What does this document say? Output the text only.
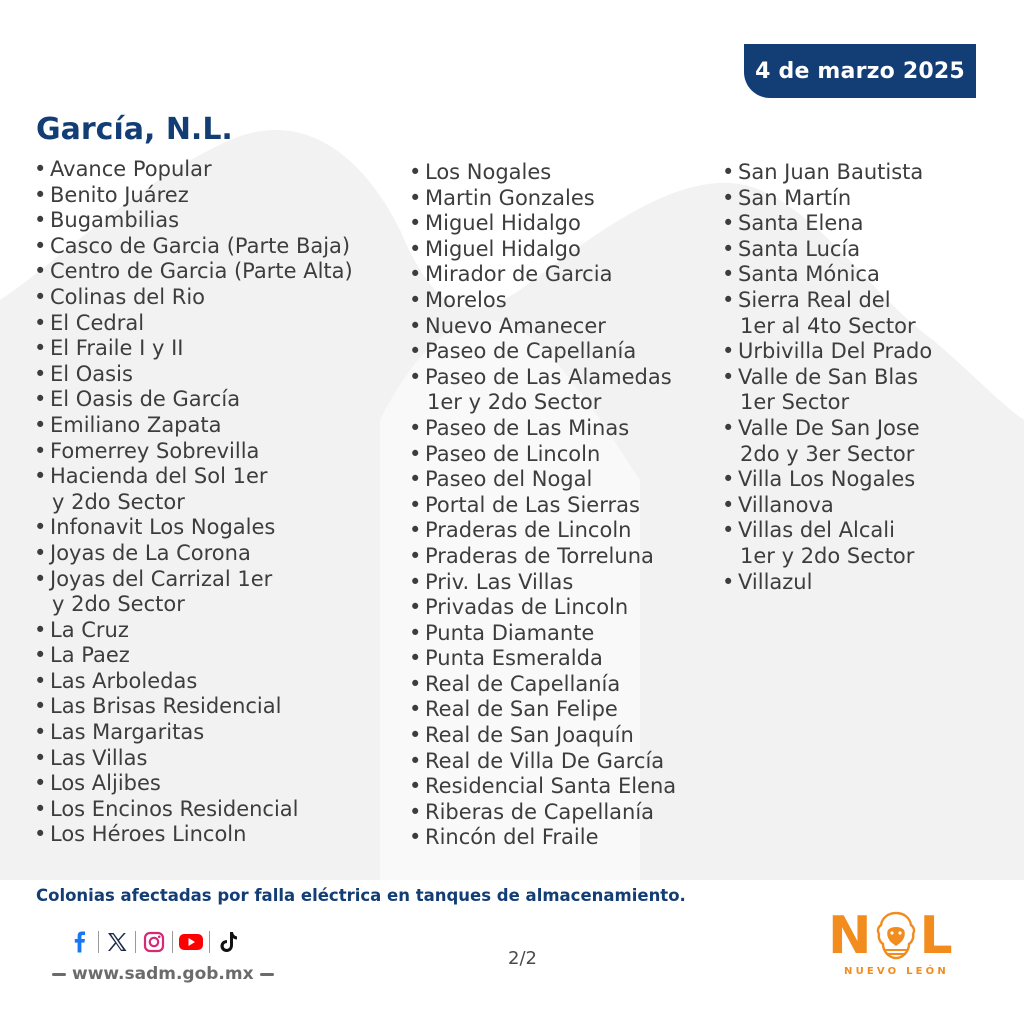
4 de marzo 2025
García, N.L.
• Avance Popular
• Benito Juárez
• Bugambilias
• Casco de Garcia (Parte Baja)
• Centro de Garcia (Parte Alta)
• Colinas del Rio
• El Cedral
• El Fraile I y II
• El Oasis
• El Oasis de García
• Emiliano Zapata
• Fomerrey Sobrevilla
• Hacienda del Sol 1er
y 2do Sector
• Infonavit Los Nogales
• Joyas de La Corona
• Joyas del Carrizal 1er
y 2do Sector
• La Cruz
• La Paez
• Las Arboledas
• Las Brisas Residencial
• Las Margaritas
• Las Villas
• Los Aljibes
• Los Encinos Residencial
• Los Héroes Lincoln
• Los Nogales
• Martin Gonzales
• Miguel Hidalgo
• Miguel Hidalgo
• Mirador de Garcia
• Morelos
• Nuevo Amanecer
• Paseo de Capellanía
• Paseo de Las Alamedas
1er y 2do Sector
• Paseo de Las Minas
• Paseo de Lincoln
• Paseo del Nogal
• Portal de Las Sierras
• Praderas de Lincoln
• Praderas de Torreluna
• Priv. Las Villas
• Privadas de Lincoln
• Punta Diamante
• Punta Esmeralda
• Real de Capellanía
• Real de San Felipe
• Real de San Joaquín
• Real de Villa De García
• Residencial Santa Elena
• Riberas de Capellanía
• Rincón del Fraile
• San Juan Bautista
• San Martín
• Santa Elena
• Santa Lucía
• Santa Mónica
• Sierra Real del
1er al 4to Sector
• Urbivilla Del Prado
• Valle de San Blas
1er Sector
• Valle De San Jose
2do y 3er Sector
• Villa Los Nogales
• Villanova
• Villas del Alcali
1er y 2do Sector
• Villazul
Colonias afectadas por falla eléctrica en tanques de almacenamiento.
www.sadm.gob.mx
2/2	N L
NUEVO LEÓN
